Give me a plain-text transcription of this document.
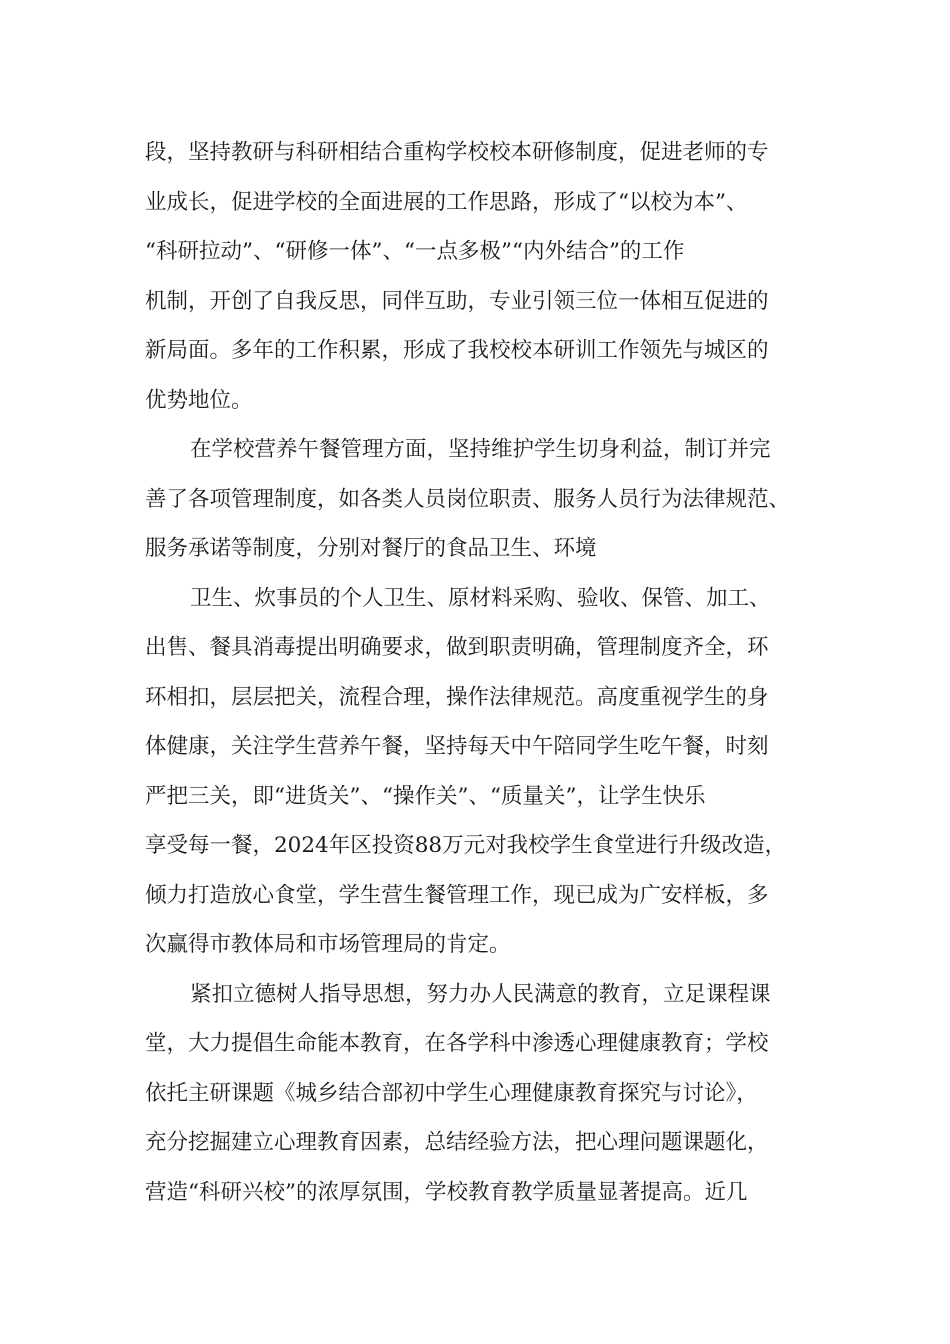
段，坚持教研与科研相结合重构学校校本研修制度，促进老师的专
业成长，促进学校的全面进展的工作思路，形成了“以校为本”、
“科研拉动”、“研修一体”、“一点多极”“内外结合”的工作
机制，开创了自我反思，同伴互助，专业引领三位一体相互促进的
新局面。多年的工作积累，形成了我校校本研训工作领先与城区的
优势地位。
在学校营养午餐管理方面，坚持维护学生切身利益，制订并完
善了各项管理制度，如各类人员岗位职责、服务人员行为法律规范、
服务承诺等制度，分别对餐厅的食品卫生、环境
卫生、炊事员的个人卫生、原材料采购、验收、保管、加工、
出售、餐具消毒提出明确要求，做到职责明确，管理制度齐全，环
环相扣，层层把关，流程合理，操作法律规范。高度重视学生的身
体健康，关注学生营养午餐，坚持每天中午陪同学生吃午餐，时刻
严把三关，即“进货关”、“操作关”、“质量关”，让学生快乐
享受每一餐，2024年区投资88万元对我校学生食堂进行升级改造，
倾力打造放心食堂，学生营生餐管理工作，现已成为广安样板，多
次赢得市教体局和市场管理局的肯定。
紧扣立德树人指导思想，努力办人民满意的教育，立足课程课
堂，大力提倡生命能本教育，在各学科中渗透心理健康教育；学校
依托主研课题《城乡结合部初中学生心理健康教育探究与讨论》，
充分挖掘建立心理教育因素，总结经验方法，把心理问题课题化，
营造“科研兴校”的浓厚氛围，学校教育教学质量显著提高。近几
